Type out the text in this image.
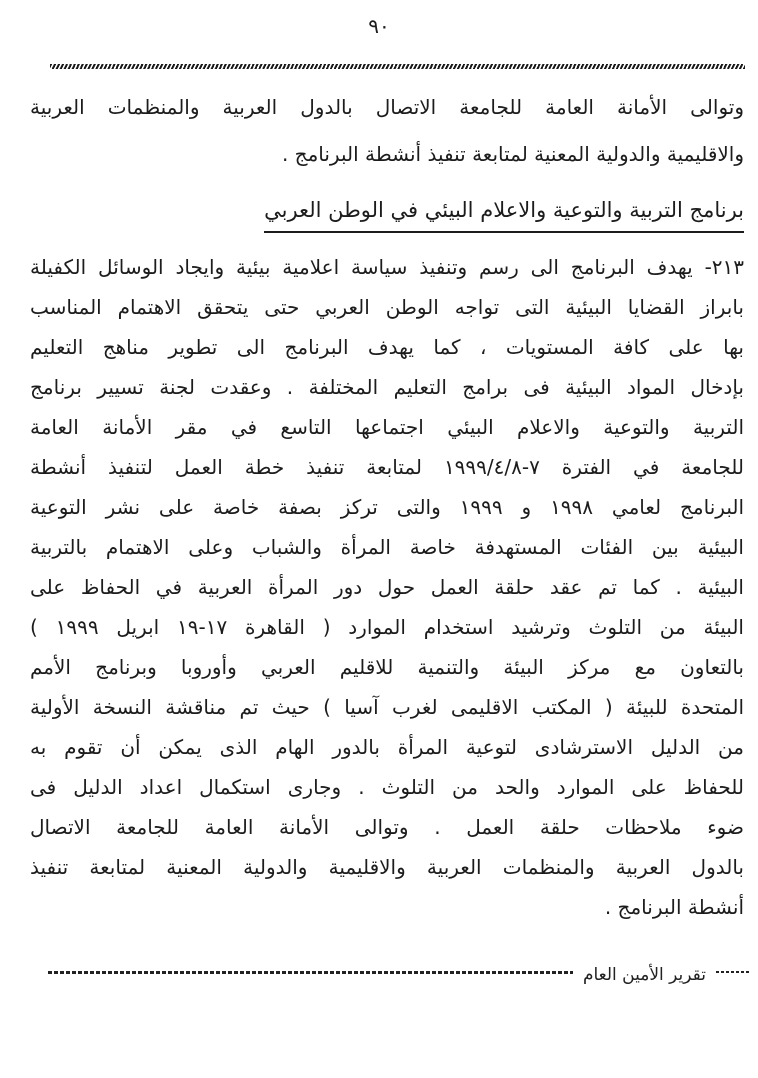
٩٠
وتوالى الأمانة العامة للجامعة الاتصال بالدول العربية والمنظمات العربية
والاقليمية والدولية المعنية لمتابعة تنفيذ أنشطة البرنامج .
برنامج التربية والتوعية والاعلام البيئي في الوطن العربي
٢١٣- يهدف البرنامج الى رسم وتنفيذ سياسة اعلامية بيئية وايجاد الوسائل الكفيلة
بابراز القضايا البيئية التى تواجه الوطن العربي حتى يتحقق الاهتمام المناسب
بها على كافة المستويات ، كما يهدف البرنامج الى تطوير مناهج التعليم
بإدخال المواد البيئية فى برامج التعليم المختلفة . وعقدت لجنة تسيير برنامج
التربية والتوعية والاعلام البيئي اجتماعها التاسع في مقر الأمانة العامة
للجامعة في الفترة ٧-٨/‏٤/‏١٩٩٩ لمتابعة تنفيذ خطة العمل لتنفيذ أنشطة
البرنامج لعامي ١٩٩٨ و ١٩٩٩ والتى تركز بصفة خاصة على نشر التوعية
البيئية بين الفئات المستهدفة خاصة المرأة والشباب وعلى الاهتمام بالتربية
البيئية . كما تم عقد حلقة العمل حول دور المرأة العربية في الحفاظ على
البيئة من التلوث وترشيد استخدام الموارد ( القاهرة ١٧-١٩ ابريل ١٩٩٩ )
بالتعاون مع مركز البيئة والتنمية للاقليم العربي وأوروبا وبرنامج الأمم
المتحدة للبيئة ( المكتب الاقليمى لغرب آسيا ) حيث تم مناقشة النسخة الأولية
من الدليل الاسترشادى لتوعية المرأة بالدور الهام الذى يمكن أن تقوم به
للحفاظ على الموارد والحد من التلوث . وجارى استكمال اعداد الدليل فى
ضوء ملاحظات حلقة العمل . وتوالى الأمانة العامة للجامعة الاتصال
بالدول العربية والمنظمات العربية والاقليمية والدولية المعنية لمتابعة تنفيذ
أنشطة البرنامج .
تقرير الأمين العام
